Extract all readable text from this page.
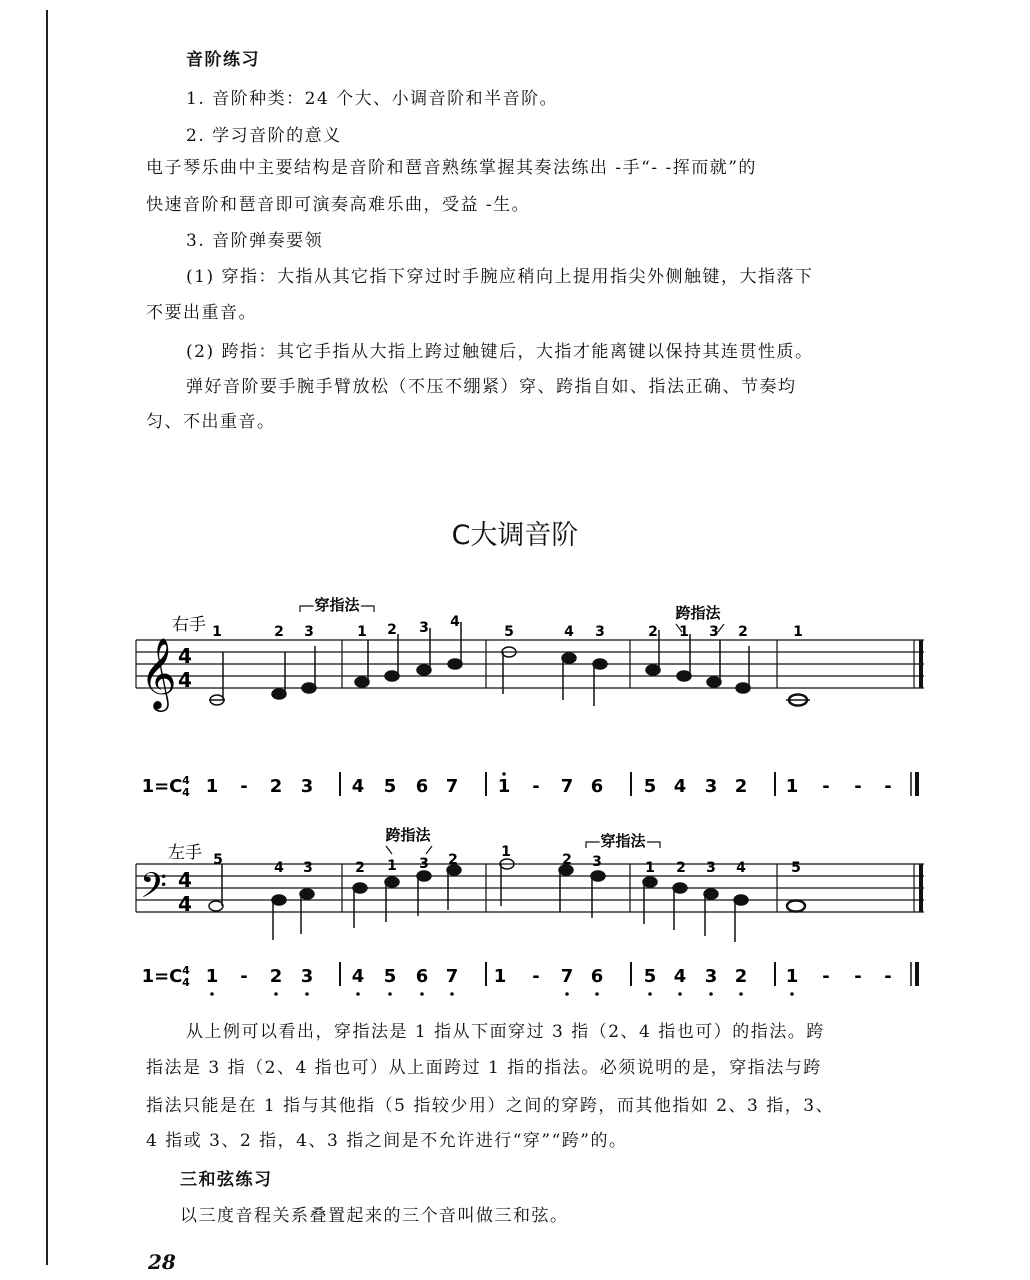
音阶练习
1. 音阶种类：24 个大、小调音阶和半音阶。
2. 学习音阶的意义
电子琴乐曲中主要结构是音阶和琶音熟练掌握其奏法练出 -手“- -挥而就”的
快速音阶和琶音即可演奏高难乐曲，受益 -生。
3. 音阶弹奏要领
(1) 穿指：大指从其它指下穿过时手腕应稍向上提用指尖外侧触键，大指落下
不要出重音。
(2) 跨指：其它手指从大指上跨过触键后，大指才能离键以保持其连贯性质。
弹好音阶要手腕手臂放松（不压不绷紧）穿、跨指自如、指法正确、节奏均
匀、不出重音。
C大调音阶
右手
穿指法	跨指法
𝄞 4
4
1	2 3	1 2 3 4
5	4 3	2 1 3 2	1
1=C 4
4 1 - 2 3 4 5 6 7 1 - 7 6 5 4 3 2 1 - - -
左手
跨指法	穿指法
𝄢 4
4
5	4 3	2 1 3 2	1	2 3	1 2 3 4	5
1=C 4
4 1 - 2 3 4 5 6 7 1 - 7 6 5 4 3 2 1 - - -
从上例可以看出，穿指法是 1 指从下面穿过 3 指（2、4 指也可）的指法。跨
指法是 3 指（2、4 指也可）从上面跨过 1 指的指法。必须说明的是，穿指法与跨
指法只能是在 1 指与其他指（5 指较少用）之间的穿跨，而其他指如 2、3 指，3、
4 指或 3、2 指，4、3 指之间是不允许进行“穿”“跨”的。
三和弦练习
以三度音程关系叠置起来的三个音叫做三和弦。
28
